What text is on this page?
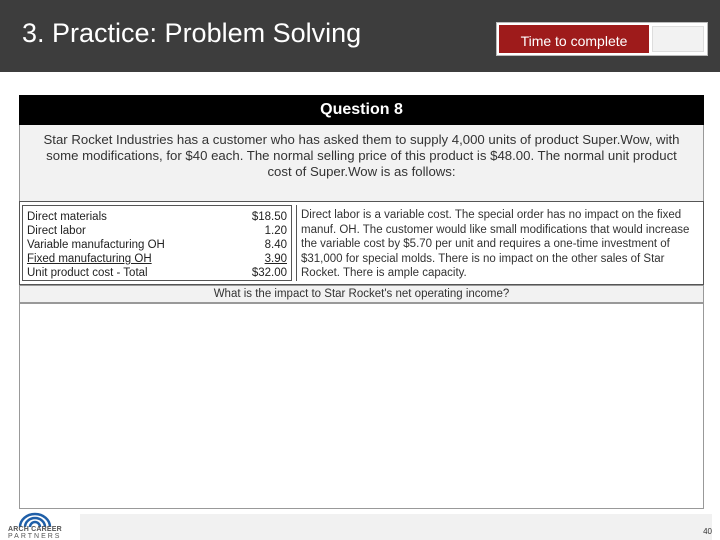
3. Practice: Problem Solving	Time to complete
Question 8
Star Rocket Industries has a customer who has asked them to supply 4,000 units of product Super.Wow, with some modifications, for $40 each. The normal selling price of this product is $48.00. The normal unit product cost of Super.Wow is as follows:
Direct materials	$18.50
Direct labor	1.20
Variable manufacturing OH	8.40
Fixed manufacturing OH	3.90
Unit product cost - Total	$32.00
Direct labor is a variable cost. The special order has no impact on the fixed manuf. OH. The customer would like small modifications that would increase the variable cost by $5.70 per unit and requires a one-time investment of $31,000 for special molds. There is no impact on the other sales of Star Rocket. There is ample capacity.
What is the impact to Star Rocket's net operating income?
ARCH CAREER
PARTNERS
40
